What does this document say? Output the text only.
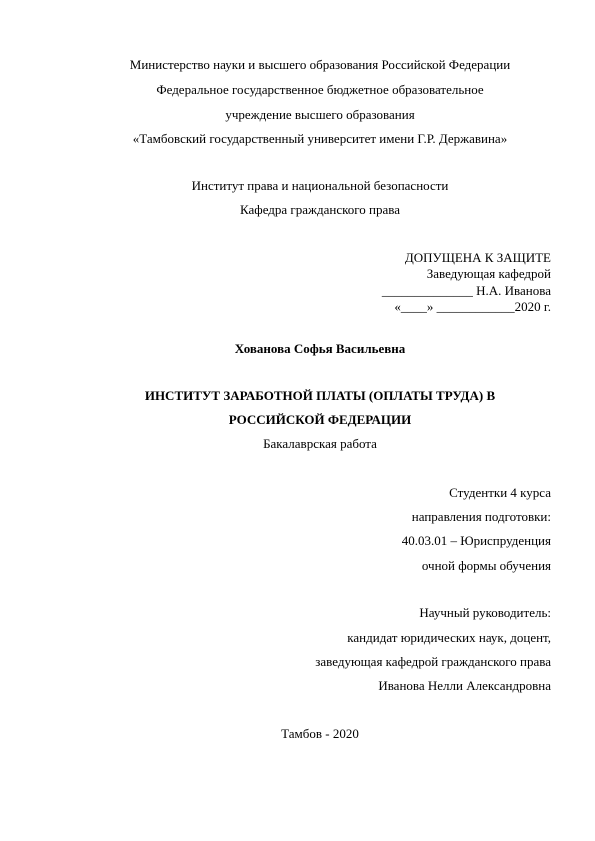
Министерство науки и высшего образования Российской Федерации
Федеральное государственное бюджетное образовательное
учреждение высшего образования
«Тамбовский государственный университет имени Г.Р. Державина»
Институт права и национальной безопасности
Кафедра гражданского права
ДОПУЩЕНА К ЗАЩИТЕ
Заведующая кафедрой
______________ Н.А. Иванова
«____» ____________2020 г.
Хованова Софья Васильевна
ИНСТИТУТ ЗАРАБОТНОЙ ПЛАТЫ (ОПЛАТЫ ТРУДА) В
РОССИЙСКОЙ ФЕДЕРАЦИИ
Бакалаврская работа
Студентки 4 курса
направления подготовки:
40.03.01 – Юриспруденция
очной формы обучения
Научный руководитель:
кандидат юридических наук, доцент,
заведующая кафедрой гражданского права
Иванова Нелли Александровна
Тамбов - 2020
